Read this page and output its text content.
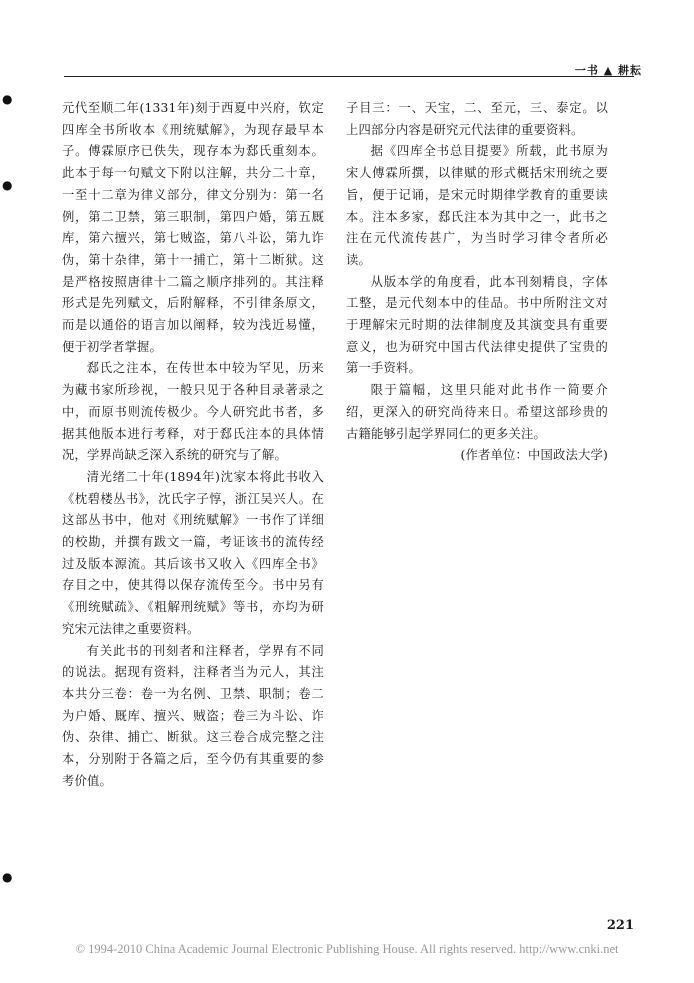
一书 ▲ 耕耘
●
●
●

元代至顺二年(1331年)刻于西夏中兴府，钦定四库全书所收本《刑统赋解》，为现存最早本子。傅霖原序已佚失，现存本为郄氏重刻本。此本于每一句赋文下附以注解，共分二十章，一至十二章为律义部分，律文分别为：第一名例，第二卫禁，第三职制，第四户婚，第五厩库，第六擅兴，第七贼盗，第八斗讼，第九诈伪，第十杂律，第十一捕亡，第十二断狱。这是严格按照唐律十二篇之顺序排列的。其注释形式是先列赋文，后附解释，不引律条原文，而是以通俗的语言加以阐释，较为浅近易懂，便于初学者掌握。

郄氏之注本，在传世本中较为罕见，历来为藏书家所珍视，一般只见于各种目录著录之中，而原书则流传极少。今人研究此书者，多据其他版本进行考释，对于郄氏注本的具体情况，学界尚缺乏深入系统的研究与了解。

清光绪二十年(1894年)沈家本将此书收入《枕碧楼丛书》，沈氏字子惇，浙江吴兴人。在这部丛书中，他对《刑统赋解》一书作了详细的校勘，并撰有跋文一篇，考证该书的流传经过及版本源流。其后该书又收入《四库全书》存目之中，使其得以保存流传至今。书中另有《刑统赋疏》、《粗解刑统赋》等书，亦均为研究宋元法律之重要资料。

有关此书的刊刻者和注释者，学界有不同的说法。据现有资料，注释者当为元人，其注本共分三卷：卷一为名例、卫禁、职制；卷二为户婚、厩库、擅兴、贼盗；卷三为斗讼、诈伪、杂律、捕亡、断狱。这三卷合成完整之注本，分别附于各篇之后，至今仍有其重要的参考价值。

子目三：一、天宝，二、至元，三、泰定。以上四部分内容是研究元代法律的重要资料。

据《四库全书总目提要》所载，此书原为宋人傅霖所撰，以律赋的形式概括宋刑统之要旨，便于记诵，是宋元时期律学教育的重要读本。注本多家，郄氏注本为其中之一，此书之注在元代流传甚广，为当时学习律令者所必读。

从版本学的角度看，此本刊刻精良，字体工整，是元代刻本中的佳品。书中所附注文对于理解宋元时期的法律制度及其演变具有重要意义，也为研究中国古代法律史提供了宝贵的第一手资料。

限于篇幅，这里只能对此书作一简要介绍，更深入的研究尚待来日。希望这部珍贵的古籍能够引起学界同仁的更多关注。

(作者单位：中国政法大学)

221
© 1994-2010 China Academic Journal Electronic Publishing House. All rights reserved. http://www.cnki.net
